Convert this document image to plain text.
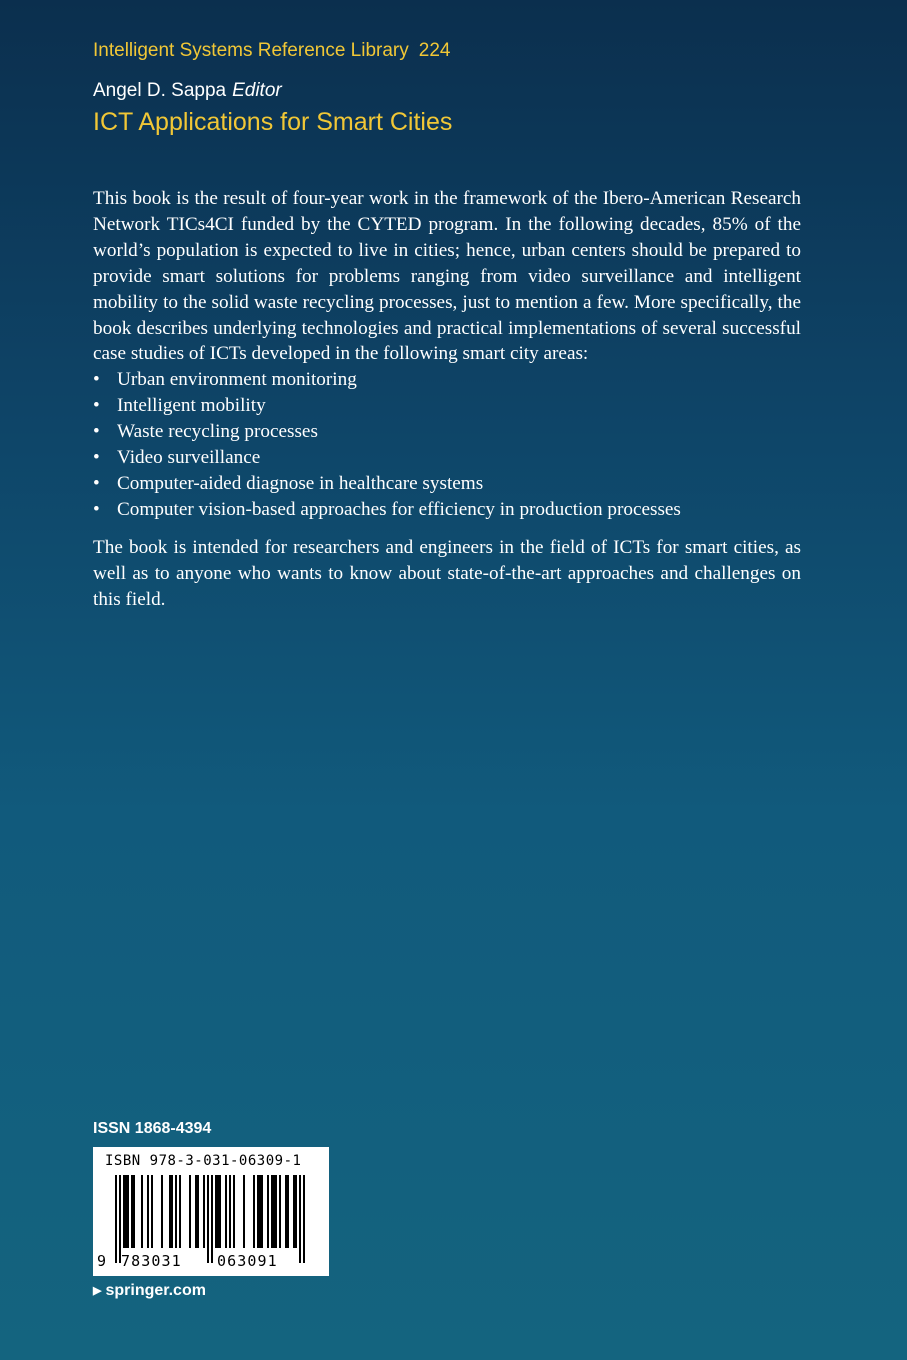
Intelligent Systems Reference Library 224
Angel D. Sappa Editor
ICT Applications for Smart Cities

This book is the result of four-year work in the framework of the Ibero-American Research Network TICs4CI funded by the CYTED program. In the following decades, 85% of the world’s population is expected to live in cities; hence, urban centers should be prepared to provide smart solutions for problems ranging from video surveillance and intelligent mobility to the solid waste recycling processes, just to mention a few. More specifically, the book describes underlying technologies and practical implementations of several successful case studies of ICTs developed in the following smart city areas:

• Urban environment monitoring
• Intelligent mobility
• Waste recycling processes
• Video surveillance
• Computer-aided diagnose in healthcare systems
• Computer vision-based approaches for efficiency in production processes

The book is intended for researchers and engineers in the field of ICTs for smart cities, as well as to anyone who wants to know about state-of-the-art approaches and challenges on this field.

ISSN 1868-4394
ISBN 978-3-031-06309-1
9 783031 063091
▶ springer.com
